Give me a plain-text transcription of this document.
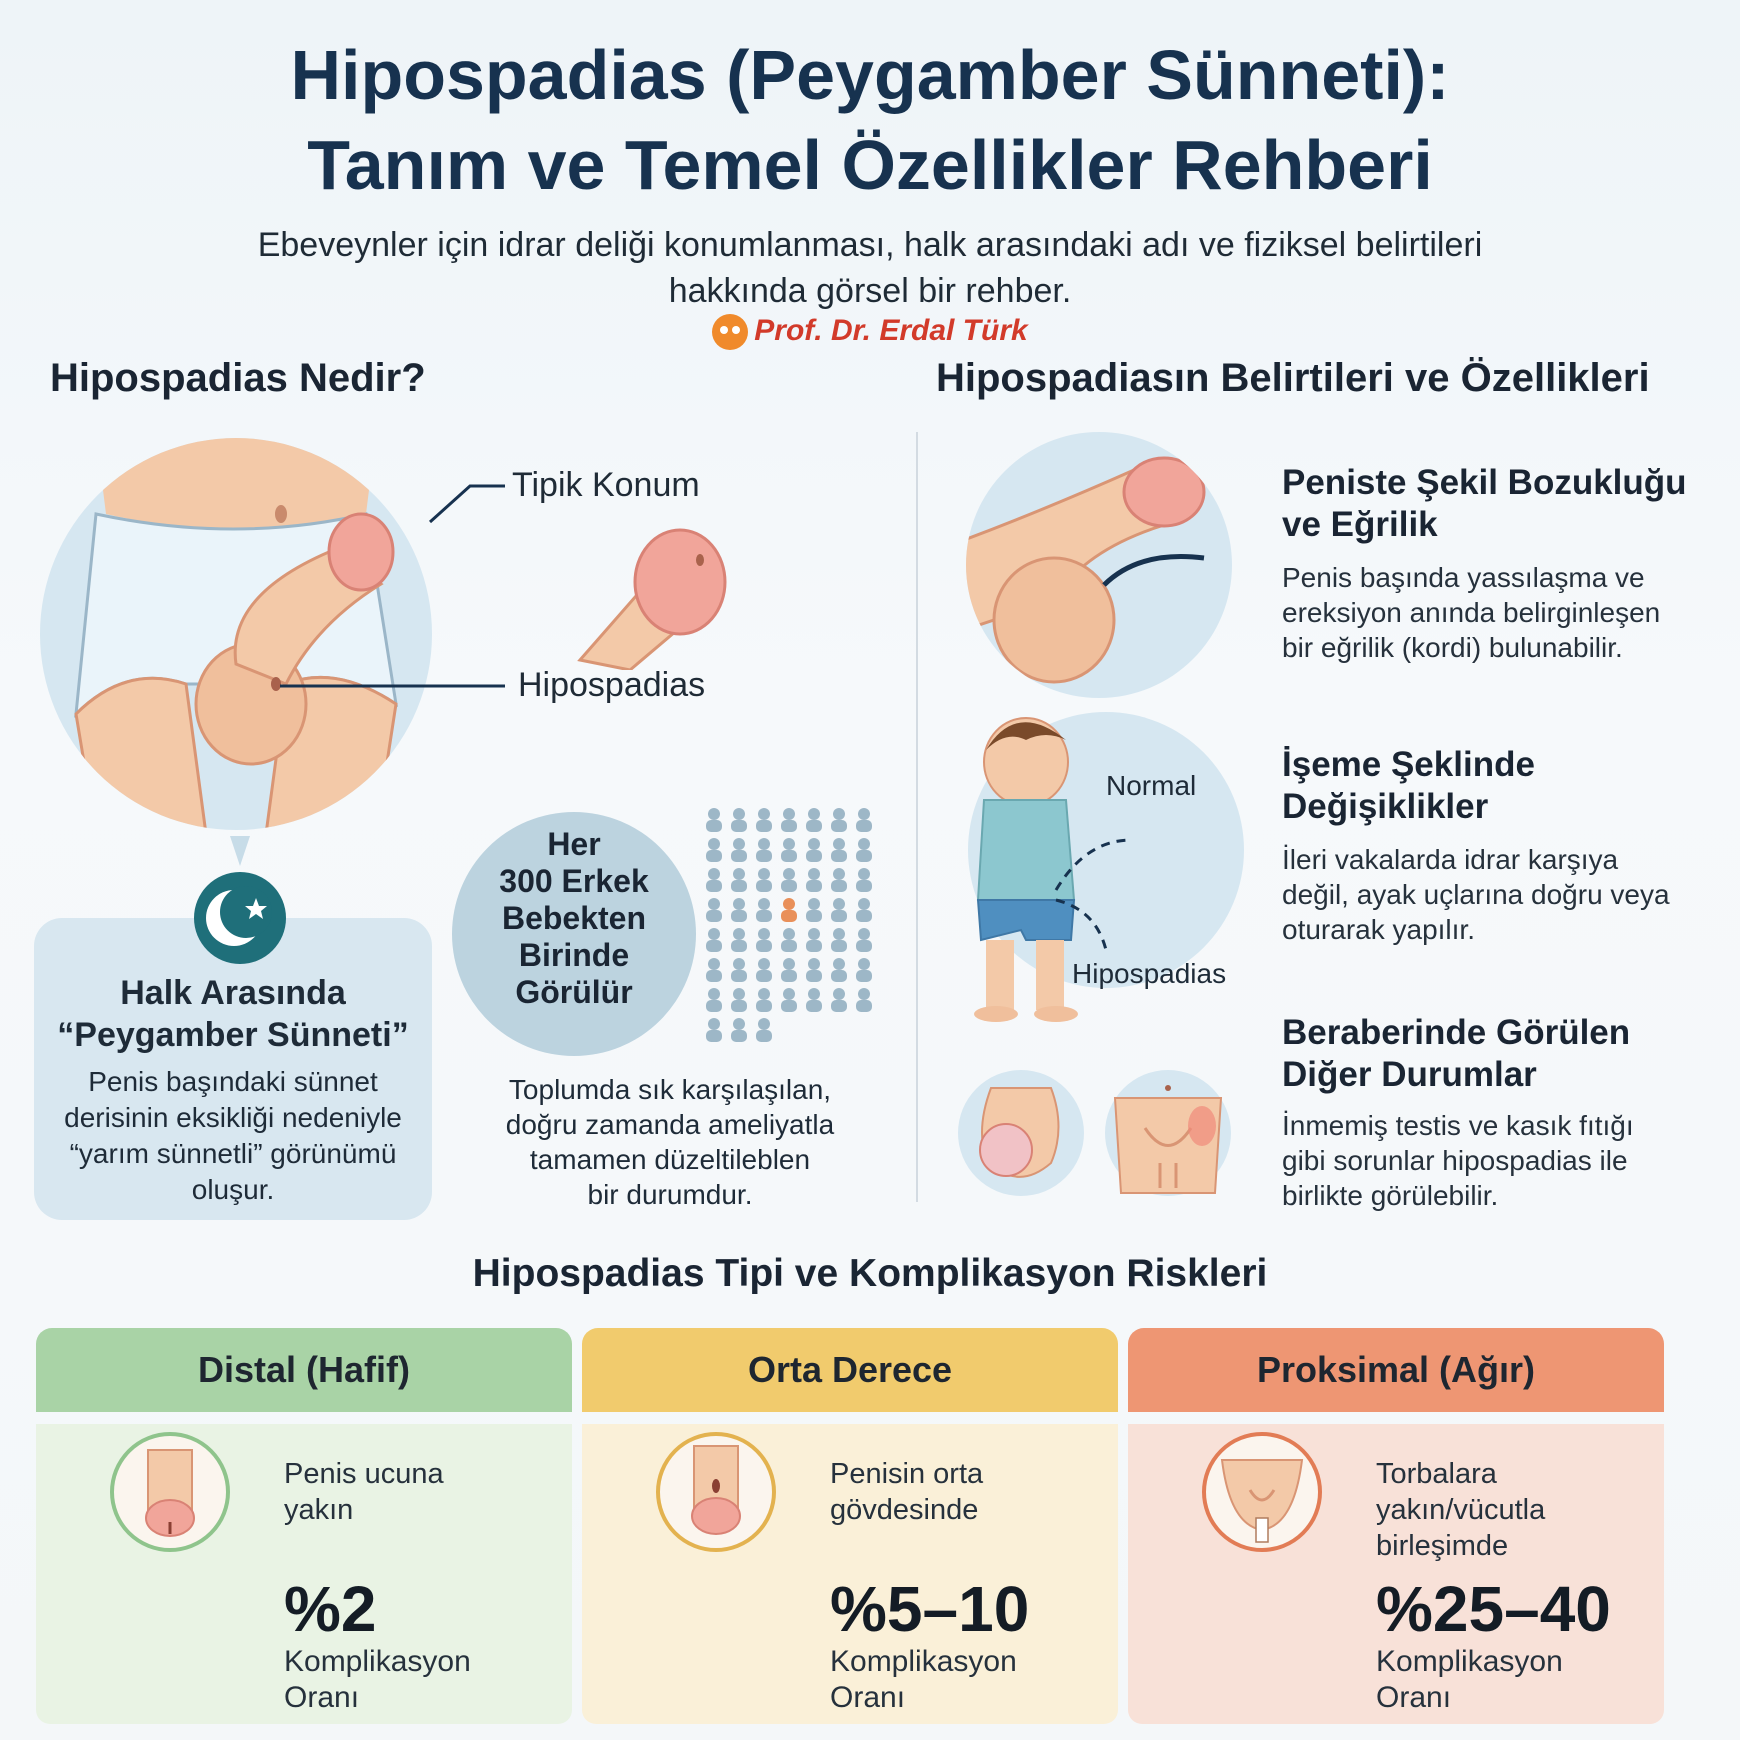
Hipospadias (Peygamber Sünneti):
Tanım ve Temel Özellikler Rehberi
Ebeveynler için idrar deliği konumlanması, halk arasındaki adı ve fiziksel belirtileri
hakkında görsel bir rehber.
Prof. Dr. Erdal Türk
Hipospadias Nedir?	Hipospadiasın Belirtileri ve Özellikleri
Tipik Konum
Hipospadias
Halk Arasında
“Peygamber Sünneti”
Penis başındaki sünnet
derisinin eksikliği nedeniyle
“yarım sünnetli” görünümü
oluşur.
Her
300 Erkek
Bebekten
Birinde
Görülür
Toplumda sık karşılaşılan,
doğru zamanda ameliyatla
tamamen düzeltileblen
bir durumdur.
Peniste Şekil Bozukluğu
ve Eğrilik
Penis başında yassılaşma ve
ereksiyon anında belirginleşen
bir eğrilik (kordi) bulunabilir.
Normal
Hipospadias
İşeme Şeklinde
Değişiklikler
İleri vakalarda idrar karşıya
değil, ayak uçlarına doğru veya
oturarak yapılır.
Beraberinde Görülen
Diğer Durumlar
İnmemiş testis ve kasık fıtığı
gibi sorunlar hipospadias ile
birlikte görülebilir.
Hipospadias Tipi ve Komplikasyon Riskleri
Distal (Hafif)
Penis ucuna
yakın
%2
Komplikasyon
Oranı
Orta Derece
Penisin orta
gövdesinde
%5–10
Komplikasyon
Oranı
Proksimal (Ağır)
Torbalara yakın/vücutla
birleşimde
%25–40
Komplikasyon
Oranı
